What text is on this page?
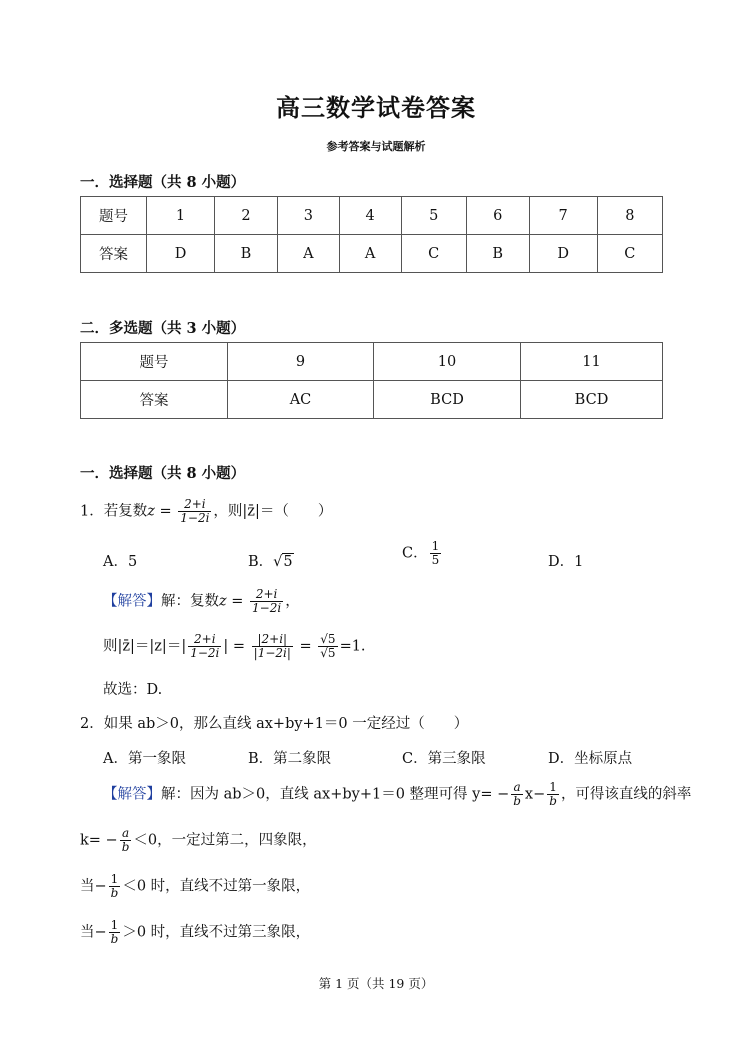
高三数学试卷答案
参考答案与试题解析
一．选择题（共 8 小题）
题号	1	2	3	4	5	6	7	8
答案	D	B	A	A	C	B	D	C
二．多选题（共 3 小题）
题号	9	10	11
答案	AC	BCD	BCD
一．选择题（共 8 小题）
1．若复数$z = \frac{2+i}{1-2i}$ ，则|z̄|＝（　　）
A．5	B．√5
C． $\frac{1}{5}$	D．1
【解答】解：复数$z = \frac{2+i}{1-2i}$ ，
则|z̄|＝|z|＝| $\frac{2+i}{1-2i}$ | = $\frac{|2+i|}{|1-2i|} = \frac{√5}{√5} =1$.
故选：D.
2．如果 ab＞0，那么直线 ax+by+1＝0 一定经过（　　）
A．第一象限	B．第二象限	C．第三象限	D．坐标原点
【解答】解：因为 ab＞0，直线 ax+by+1＝0 整理可得 $y= - \frac{a}{b} x- \frac{1}{b}$ ，可得该直线的斜率
$k= - \frac{a}{b} <0$，一定过第二，四象限，
当− $\frac{1}{b} <0$ 时，直线不过第一象限，
当− $\frac{1}{b} >0$ 时，直线不过第三象限，
第 1 页（共 19 页）
